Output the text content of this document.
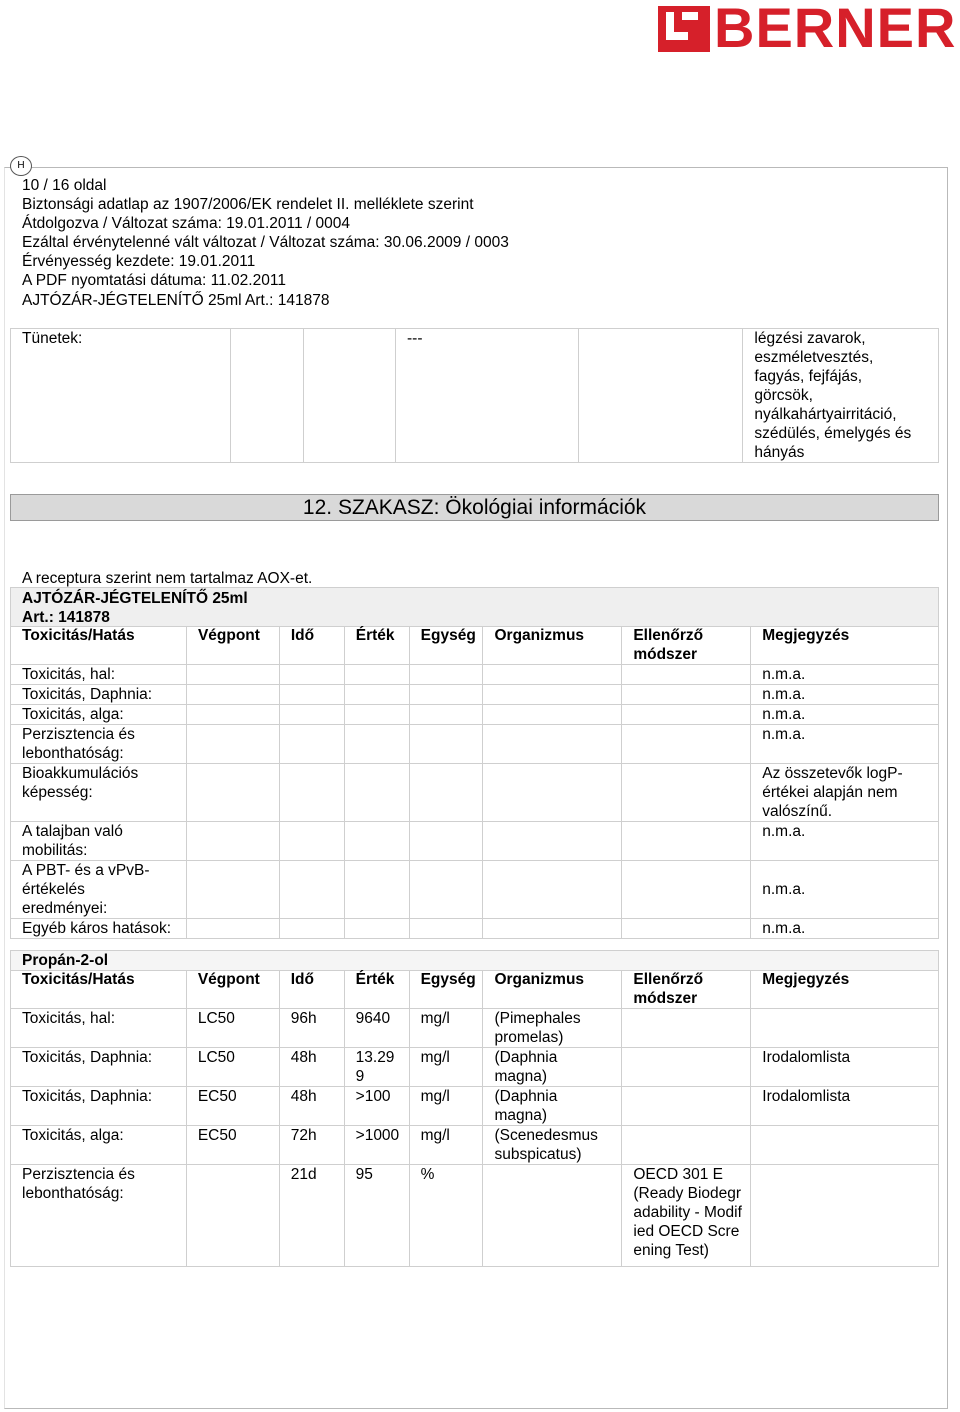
BERNER
H
10 / 16 oldal
Biztonsági adatlap az 1907/2006/EK rendelet II. melléklete szerint
Átdolgozva / Változat száma: 19.01.2011 / 0004
Ezáltal érvénytelenné vált változat / Változat száma: 30.06.2009 / 0003
Érvényesség kezdete: 19.01.2011
A PDF nyomtatási dátuma: 11.02.2011
AJTÓZÁR-JÉGTELENÍTŐ 25ml Art.: 141878
Tünetek:			---		légzési zavarok, eszméletvesztés, fagyás, fejfájás, görcsök, nyálkahártyairritáció, szédülés, émelygés és hányás
12. SZAKASZ: Ökológiai információk
A receptura szerint nem tartalmaz AOX-et.
AJTÓZÁR-JÉGTELENÍTŐ 25ml Art.: 141878
Toxicitás/Hatás	Végpont	Idő	Érték	Egység	Organizmus	Ellenőrző módszer	Megjegyzés
Toxicitás, hal:							n.m.a.
Toxicitás, Daphnia:							n.m.a.
Toxicitás, alga:							n.m.a.
Perzisztencia és lebonthatóság:							n.m.a.
Bioakkumulációs képesség:							Az összetevők logP-értékei alapján nem valószínű.
A talajban való mobilitás:							n.m.a.
A PBT- és a vPvB-értékelés eredményei:							n.m.a.
Egyéb káros hatások:							n.m.a.
Propán-2-ol
Toxicitás/Hatás	Végpont	Idő	Érték	Egység	Organizmus	Ellenőrző módszer	Megjegyzés
Toxicitás, hal:	LC50	96h	9640	mg/l	(Pimephales promelas)		
Toxicitás, Daphnia:	LC50	48h	13.299	mg/l	(Daphnia magna)		Irodalomlista
Toxicitás, Daphnia:	EC50	48h	>100	mg/l	(Daphnia magna)		Irodalomlista
Toxicitás, alga:	EC50	72h	>1000	mg/l	(Scenedesmus subspicatus)		
Perzisztencia és lebonthatóság:		21d	95	%		OECD 301 E (Ready Biodegradability - Modified OECD Screening Test)	
